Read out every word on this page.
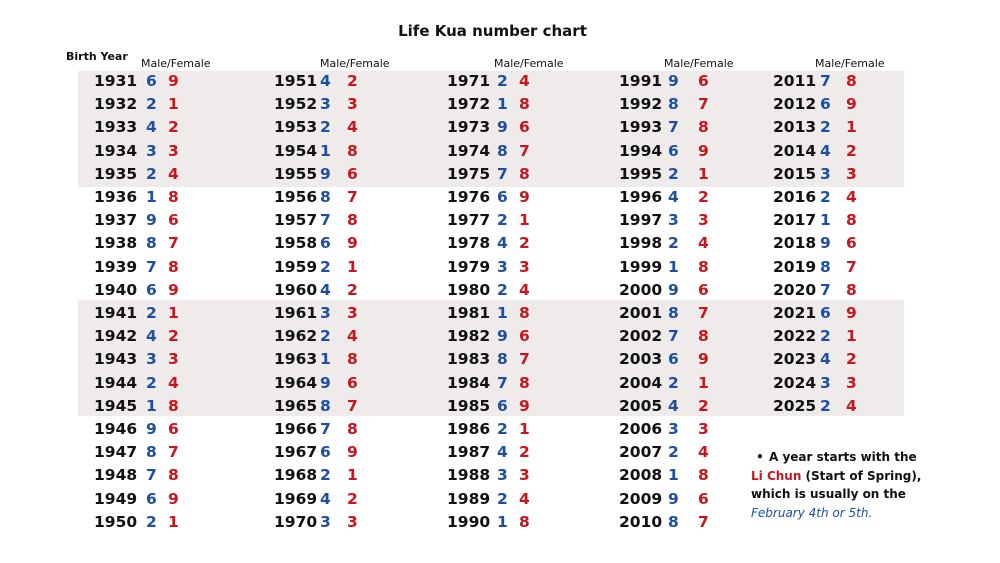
Life Kua number chart
Birth Year
Male/Female	Male/Female	Male/Female	Male/Female	Male/Female
1931 6 9
1932 2 1
1933 4 2
1934 3 3
1935 2 4
1936 1 8
1937 9 6
1938 8 7
1939 7 8
1940 6 9
1941 2 1
1942 4 2
1943 3 3
1944 2 4
1945 1 8
1946 9 6
1947 8 7
1948 7 8
1949 6 9
1950 2 1
1951 4 2
1952 3 3
1953 2 4
1954 1 8
1955 9 6
1956 8 7
1957 7 8
1958 6 9
1959 2 1
1960 4 2
1961 3 3
1962 2 4
1963 1 8
1964 9 6
1965 8 7
1966 7 8
1967 6 9
1968 2 1
1969 4 2
1970 3 3
1971 2 4
1972 1 8
1973 9 6
1974 8 7
1975 7 8
1976 6 9
1977 2 1
1978 4 2
1979 3 3
1980 2 4
1981 1 8
1982 9 6
1983 8 7
1984 7 8
1985 6 9
1986 2 1
1987 4 2
1988 3 3
1989 2 4
1990 1 8
1991 9 6
1992 8 7
1993 7 8
1994 6 9
1995 2 1
1996 4 2
1997 3 3
1998 2 4
1999 1 8
2000 9 6
2001 8 7
2002 7 8
2003 6 9
2004 2 1
2005 4 2
2006 3 3
2007 2 4
2008 1 8
2009 9 6
2010 8 7
2011 7 8
2012 6 9
2013 2 1
2014 4 2
2015 3 3
2016 2 4
2017 1 8
2018 9 6
2019 8 7
2020 7 8
2021 6 9
2022 2 1
2023 4 2
2024 3 3
2025 2 4
• A year starts with the
Li Chun (Start of Spring),
which is usually on the
February 4th or 5th.
